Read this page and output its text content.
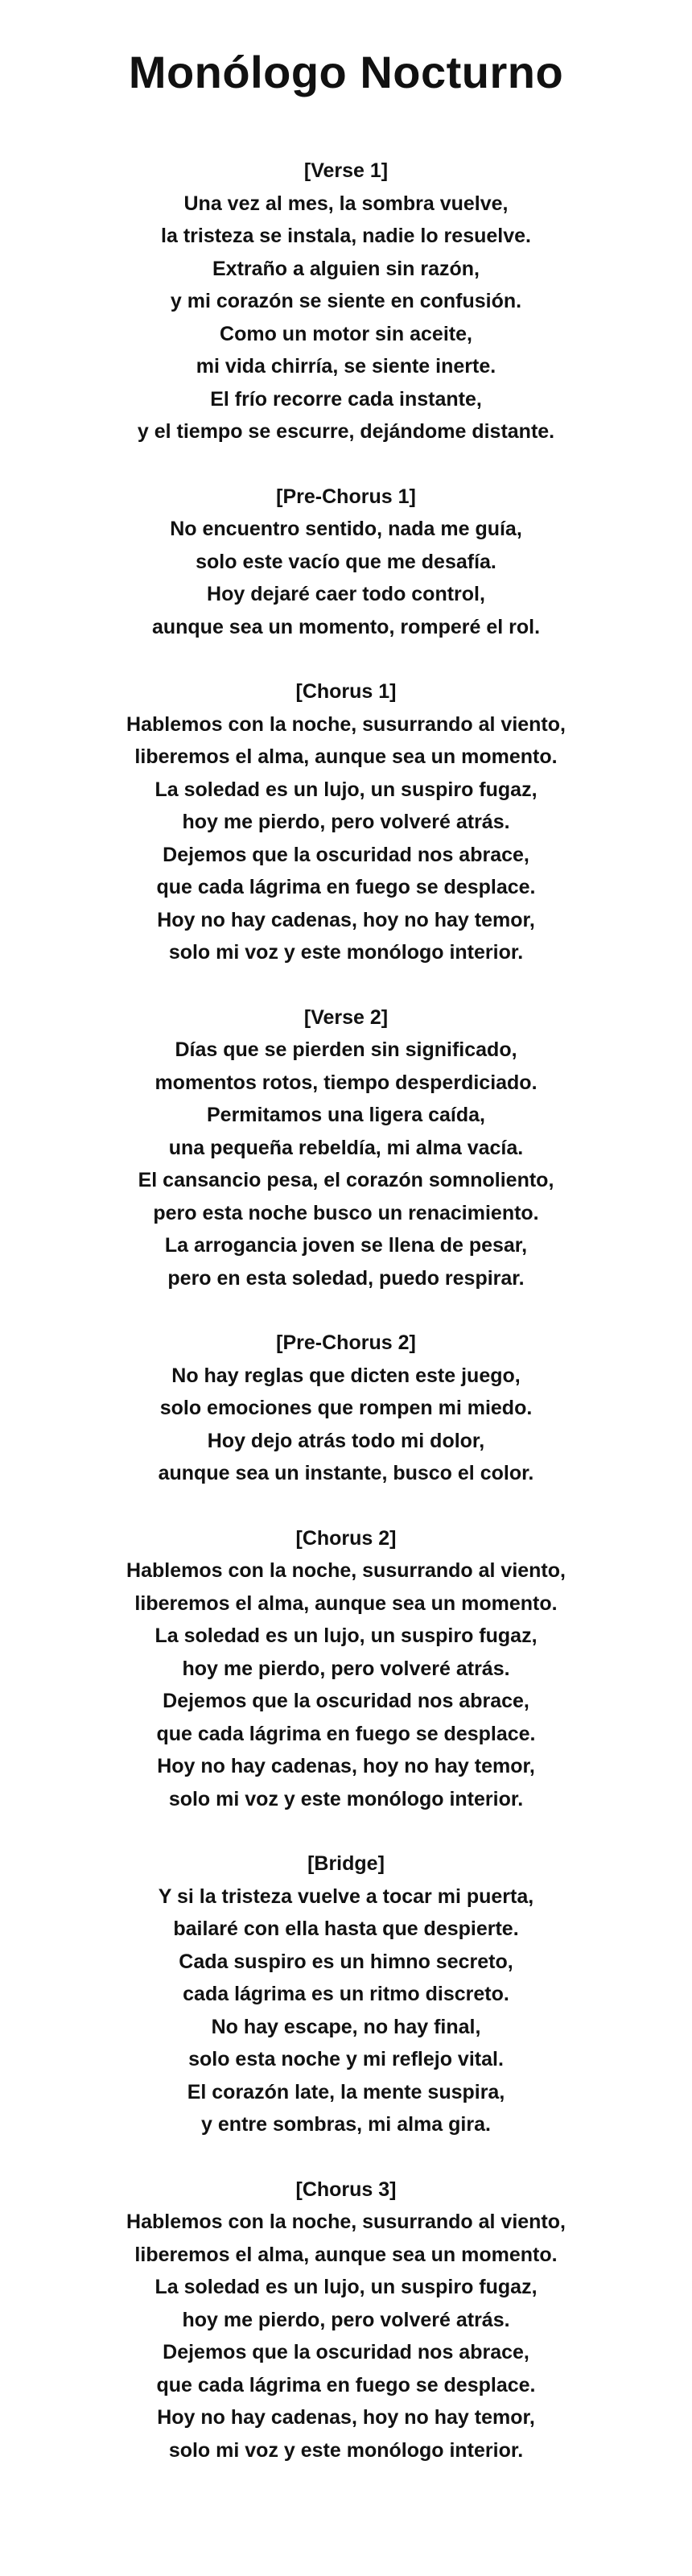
Monólogo Nocturno
[Verse 1]
Una vez al mes, la sombra vuelve,
la tristeza se instala, nadie lo resuelve.
Extraño a alguien sin razón,
y mi corazón se siente en confusión.
Como un motor sin aceite,
mi vida chirría, se siente inerte.
El frío recorre cada instante,
y el tiempo se escurre, dejándome distante.
[Pre-Chorus 1]
No encuentro sentido, nada me guía,
solo este vacío que me desafía.
Hoy dejaré caer todo control,
aunque sea un momento, romperé el rol.
[Chorus 1]
Hablemos con la noche, susurrando al viento,
liberemos el alma, aunque sea un momento.
La soledad es un lujo, un suspiro fugaz,
hoy me pierdo, pero volveré atrás.
Dejemos que la oscuridad nos abrace,
que cada lágrima en fuego se desplace.
Hoy no hay cadenas, hoy no hay temor,
solo mi voz y este monólogo interior.
[Verse 2]
Días que se pierden sin significado,
momentos rotos, tiempo desperdiciado.
Permitamos una ligera caída,
una pequeña rebeldía, mi alma vacía.
El cansancio pesa, el corazón somnoliento,
pero esta noche busco un renacimiento.
La arrogancia joven se llena de pesar,
pero en esta soledad, puedo respirar.
[Pre-Chorus 2]
No hay reglas que dicten este juego,
solo emociones que rompen mi miedo.
Hoy dejo atrás todo mi dolor,
aunque sea un instante, busco el color.
[Chorus 2]
Hablemos con la noche, susurrando al viento,
liberemos el alma, aunque sea un momento.
La soledad es un lujo, un suspiro fugaz,
hoy me pierdo, pero volveré atrás.
Dejemos que la oscuridad nos abrace,
que cada lágrima en fuego se desplace.
Hoy no hay cadenas, hoy no hay temor,
solo mi voz y este monólogo interior.
[Bridge]
Y si la tristeza vuelve a tocar mi puerta,
bailaré con ella hasta que despierte.
Cada suspiro es un himno secreto,
cada lágrima es un ritmo discreto.
No hay escape, no hay final,
solo esta noche y mi reflejo vital.
El corazón late, la mente suspira,
y entre sombras, mi alma gira.
[Chorus 3]
Hablemos con la noche, susurrando al viento,
liberemos el alma, aunque sea un momento.
La soledad es un lujo, un suspiro fugaz,
hoy me pierdo, pero volveré atrás.
Dejemos que la oscuridad nos abrace,
que cada lágrima en fuego se desplace.
Hoy no hay cadenas, hoy no hay temor,
solo mi voz y este monólogo interior.
